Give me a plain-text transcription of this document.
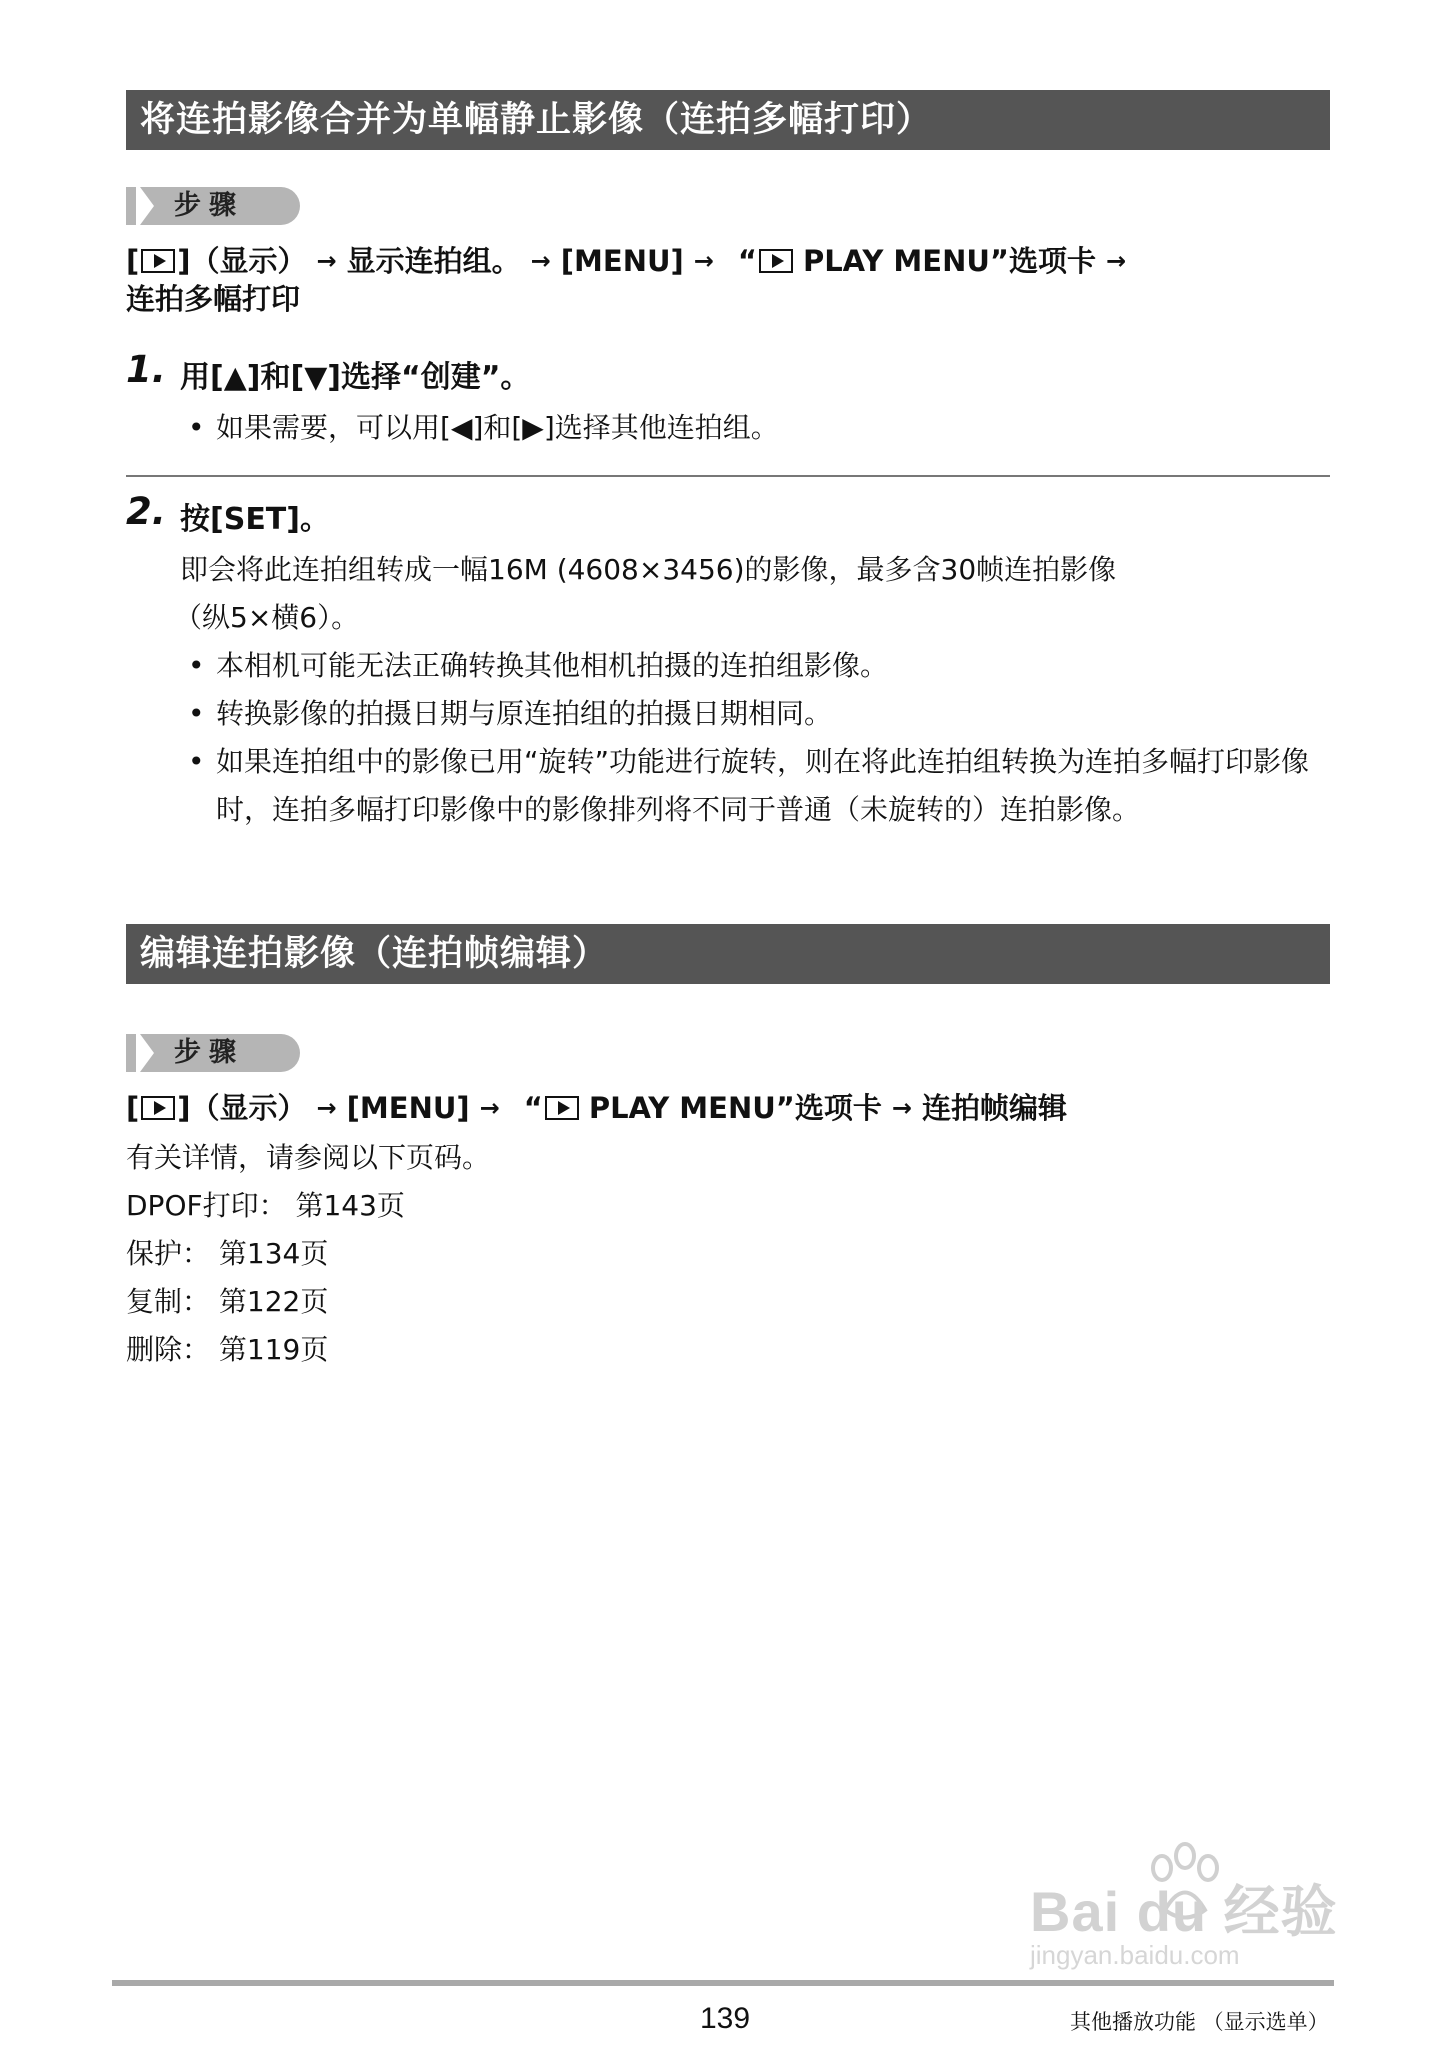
将连拍影像合并为单幅静止影像（连拍多幅打印）
步骤
[ ]（显示） → 显示连拍组。 → [MENU] → “ PLAY MENU”选项卡 →
连拍多幅打印
1. 用[▲]和[▼]选择“创建”。
• 如果需要，可以用[◀]和[▶]选择其他连拍组。
2. 按[SET]。
即会将此连拍组转成一幅16M (4608×3456)的影像，最多含30帧连拍影像
（纵5×横6）。
• 本相机可能无法正确转换其他相机拍摄的连拍组影像。
• 转换影像的拍摄日期与原连拍组的拍摄日期相同。
• 如果连拍组中的影像已用“旋转”功能进行旋转，则在将此连拍组转换为连拍多幅打印影像时，连拍多幅打印影像中的影像排列将不同于普通（未旋转的）连拍影像。
编辑连拍影像（连拍帧编辑）
步骤
[ ]（显示） → [MENU] → “ PLAY MENU”选项卡 → 连拍帧编辑
有关详情，请参阅以下页码。
DPOF打印： 第143页
保护： 第134页
复制： 第122页
删除： 第119页
Bai du 经验
jingyan.baidu.com
139	其他播放功能 （显示选单）
